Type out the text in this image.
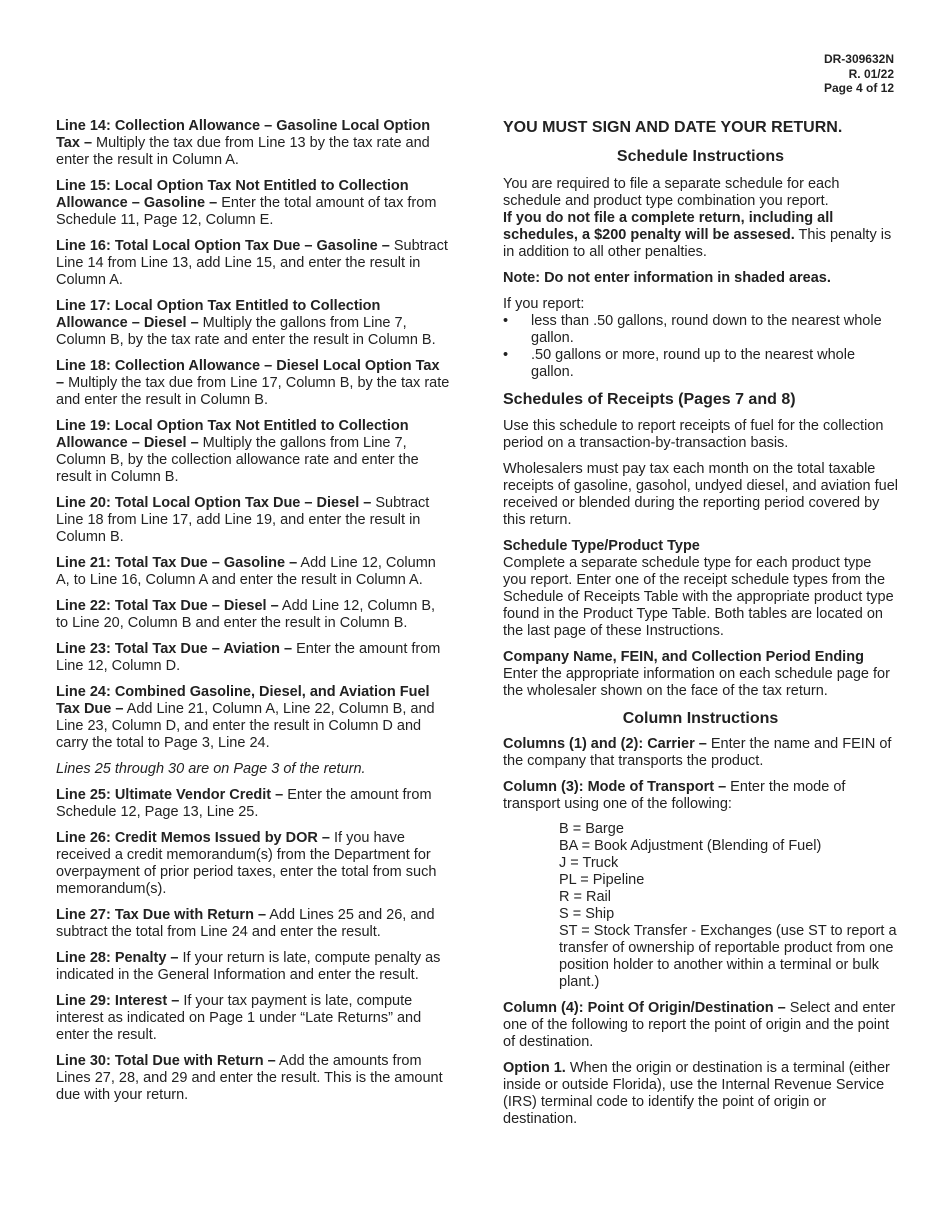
DR-309632N
R. 01/22
Page 4 of 12

Line 14: Collection Allowance – Gasoline Local Option Tax – Multiply the tax due from Line 13 by the tax rate and enter the result in Column A.

Line 15: Local Option Tax Not Entitled to Collection Allowance – Gasoline – Enter the total amount of tax from Schedule 11, Page 12, Column E.

Line 16: Total Local Option Tax Due – Gasoline – Subtract Line 14 from Line 13, add Line 15, and enter the result in Column A.

Line 17: Local Option Tax Entitled to Collection Allowance – Diesel – Multiply the gallons from Line 7, Column B, by the tax rate and enter the result in Column B.

Line 18: Collection Allowance – Diesel Local Option Tax – Multiply the tax due from Line 17, Column B, by the tax rate and enter the result in Column B.

Line 19: Local Option Tax Not Entitled to Collection Allowance – Diesel – Multiply the gallons from Line 7, Column B, by the collection allowance rate and enter the result in Column B.

Line 20: Total Local Option Tax Due – Diesel – Subtract Line 18 from Line 17, add Line 19, and enter the result in Column B.

Line 21: Total Tax Due – Gasoline – Add Line 12, Column A, to Line 16, Column A and enter the result in Column A.

Line 22: Total Tax Due – Diesel – Add Line 12, Column B, to Line 20, Column B and enter the result in Column B.

Line 23: Total Tax Due – Aviation – Enter the amount from Line 12, Column D.

Line 24: Combined Gasoline, Diesel, and Aviation Fuel Tax Due – Add Line 21, Column A, Line 22, Column B, and Line 23, Column D, and enter the result in Column D and carry the total to Page 3, Line 24.

Lines 25 through 30 are on Page 3 of the return.

Line 25: Ultimate Vendor Credit – Enter the amount from Schedule 12, Page 13, Line 25.

Line 26: Credit Memos Issued by DOR – If you have received a credit memorandum(s) from the Department for overpayment of prior period taxes, enter the total from such memorandum(s).

Line 27: Tax Due with Return – Add Lines 25 and 26, and subtract the total from Line 24 and enter the result.

Line 28: Penalty – If your return is late, compute penalty as indicated in the General Information and enter the result.

Line 29: Interest – If your tax payment is late, compute interest as indicated on Page 1 under “Late Returns” and enter the result.

Line 30: Total Due with Return – Add the amounts from Lines 27, 28, and 29 and enter the result. This is the amount due with your return.

YOU MUST SIGN AND DATE YOUR RETURN.

Schedule Instructions

You are required to file a separate schedule for each schedule and product type combination you report.
If you do not file a complete return, including all schedules, a $200 penalty will be assesed. This penalty is in addition to all other penalties.

Note: Do not enter information in shaded areas.

If you report:

• less than .50 gallons, round down to the nearest whole gallon.
• .50 gallons or more, round up to the nearest whole gallon.

Schedules of Receipts (Pages 7 and 8)

Use this schedule to report receipts of fuel for the collection period on a transaction-by-transaction basis.

Wholesalers must pay tax each month on the total taxable receipts of gasoline, gasohol, undyed diesel, and aviation fuel received or blended during the reporting period covered by this return.

Schedule Type/Product Type
Complete a separate schedule type for each product type you report. Enter one of the receipt schedule types from the Schedule of Receipts Table with the appropriate product type found in the Product Type Table. Both tables are located on the last page of these Instructions.

Company Name, FEIN, and Collection Period Ending
Enter the appropriate information on each schedule page for the wholesaler shown on the face of the tax return.

Column Instructions

Columns (1) and (2): Carrier – Enter the name and FEIN of the company that transports the product.

Column (3): Mode of Transport – Enter the mode of transport using one of the following:

B = Barge
BA = Book Adjustment (Blending of Fuel)
J = Truck
PL = Pipeline
R = Rail
S = Ship
ST = Stock Transfer - Exchanges (use ST to report a transfer of ownership of reportable product from one position holder to another within a terminal or bulk plant.)

Column (4): Point Of Origin/Destination – Select and enter one of the following to report the point of origin and the point of destination.

Option 1. When the origin or destination is a terminal (either inside or outside Florida), use the Internal Revenue Service (IRS) terminal code to identify the point of origin or destination.
